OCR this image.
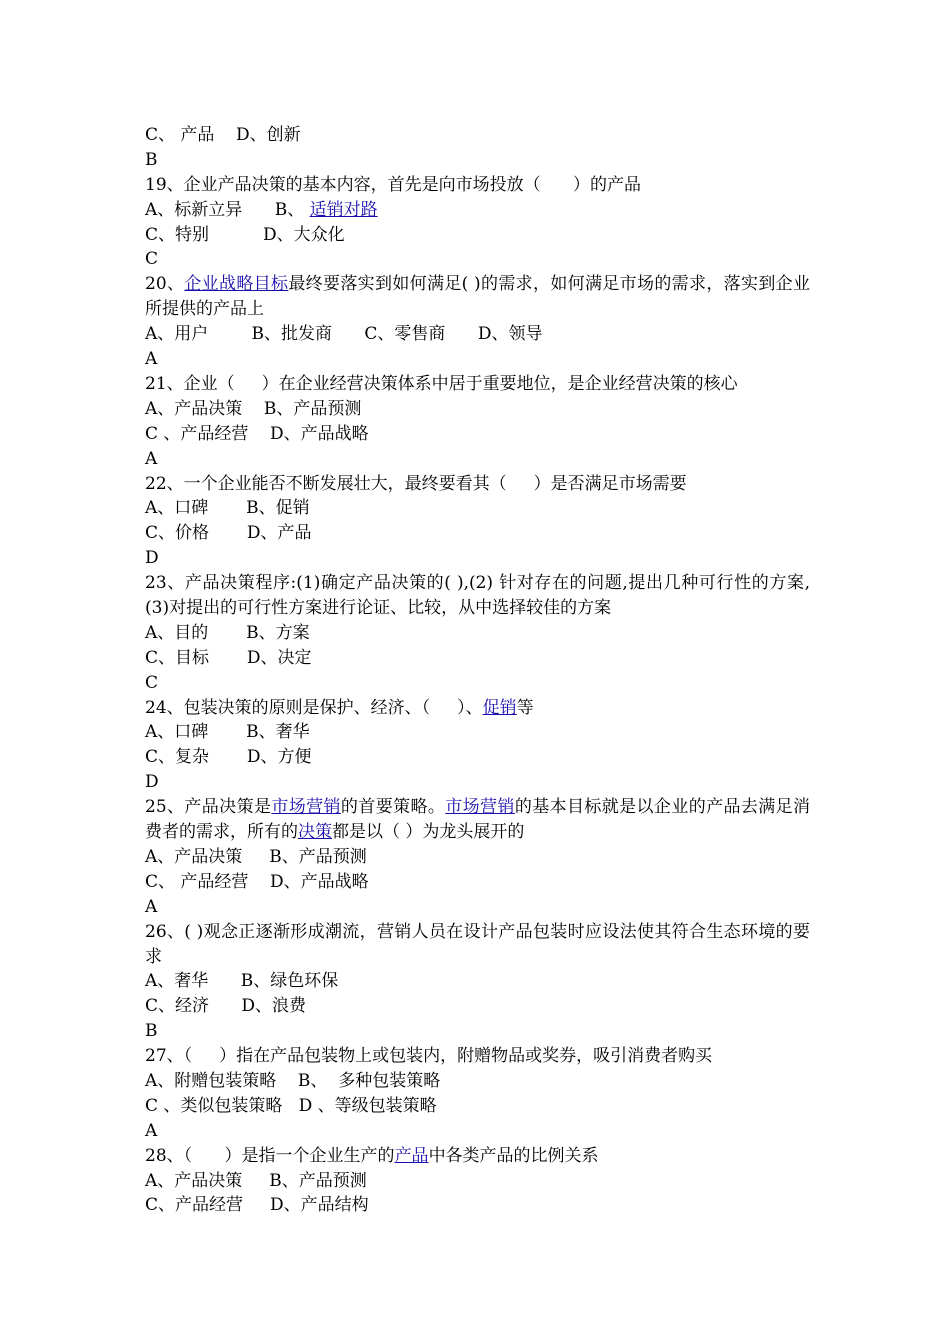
C、 产品    D、创新
B
19、企业产品决策的基本内容，首先是向市场投放（      ）的产品
A、标新立异      B、 适销对路
C、特别          D、大众化
C
20、企业战略目标最终要落实到如何满足( )的需求，如何满足市场的需求，落实到企业所提供的产品上
A、用户        B、批发商      C、零售商      D、领导
A
21、企业（     ）在企业经营决策体系中居于重要地位，是企业经营决策的核心
A、产品决策    B、产品预测
C 、产品经营    D、产品战略
A
22、一个企业能否不断发展壮大，最终要看其（     ）是否满足市场需要
A、口碑       B、促销
C、价格       D、产品
D
23、产品决策程序:(1)确定产品决策的( ),(2) 针对存在的问题,提出几种可行性的方案,(3)对提出的可行性方案进行论证、比较，从中选择较佳的方案
A、目的       B、方案
C、目标       D、决定
C
24、包装决策的原则是保护、经济、（     ）、促销等
A、口碑       B、奢华
C、复杂       D、方便
D
25、产品决策是市场营销的首要策略。市场营销的基本目标就是以企业的产品去满足消费者的需求，所有的决策都是以（ ）为龙头展开的
A、产品决策     B、产品预测
C、 产品经营    D、产品战略
A
26、( )观念正逐渐形成潮流，营销人员在设计产品包装时应设法使其符合生态环境的要求
A、奢华      B、绿色环保
C、经济      D、浪费
B
27、（     ）指在产品包装物上或包装内，附赠物品或奖券，吸引消费者购买
A、附赠包装策略    B、  多种包装策略
C 、类似包装策略   D 、等级包装策略
A
28、（      ）是指一个企业生产的产品中各类产品的比例关系
A、产品决策     B、产品预测
C、产品经营     D、产品结构
